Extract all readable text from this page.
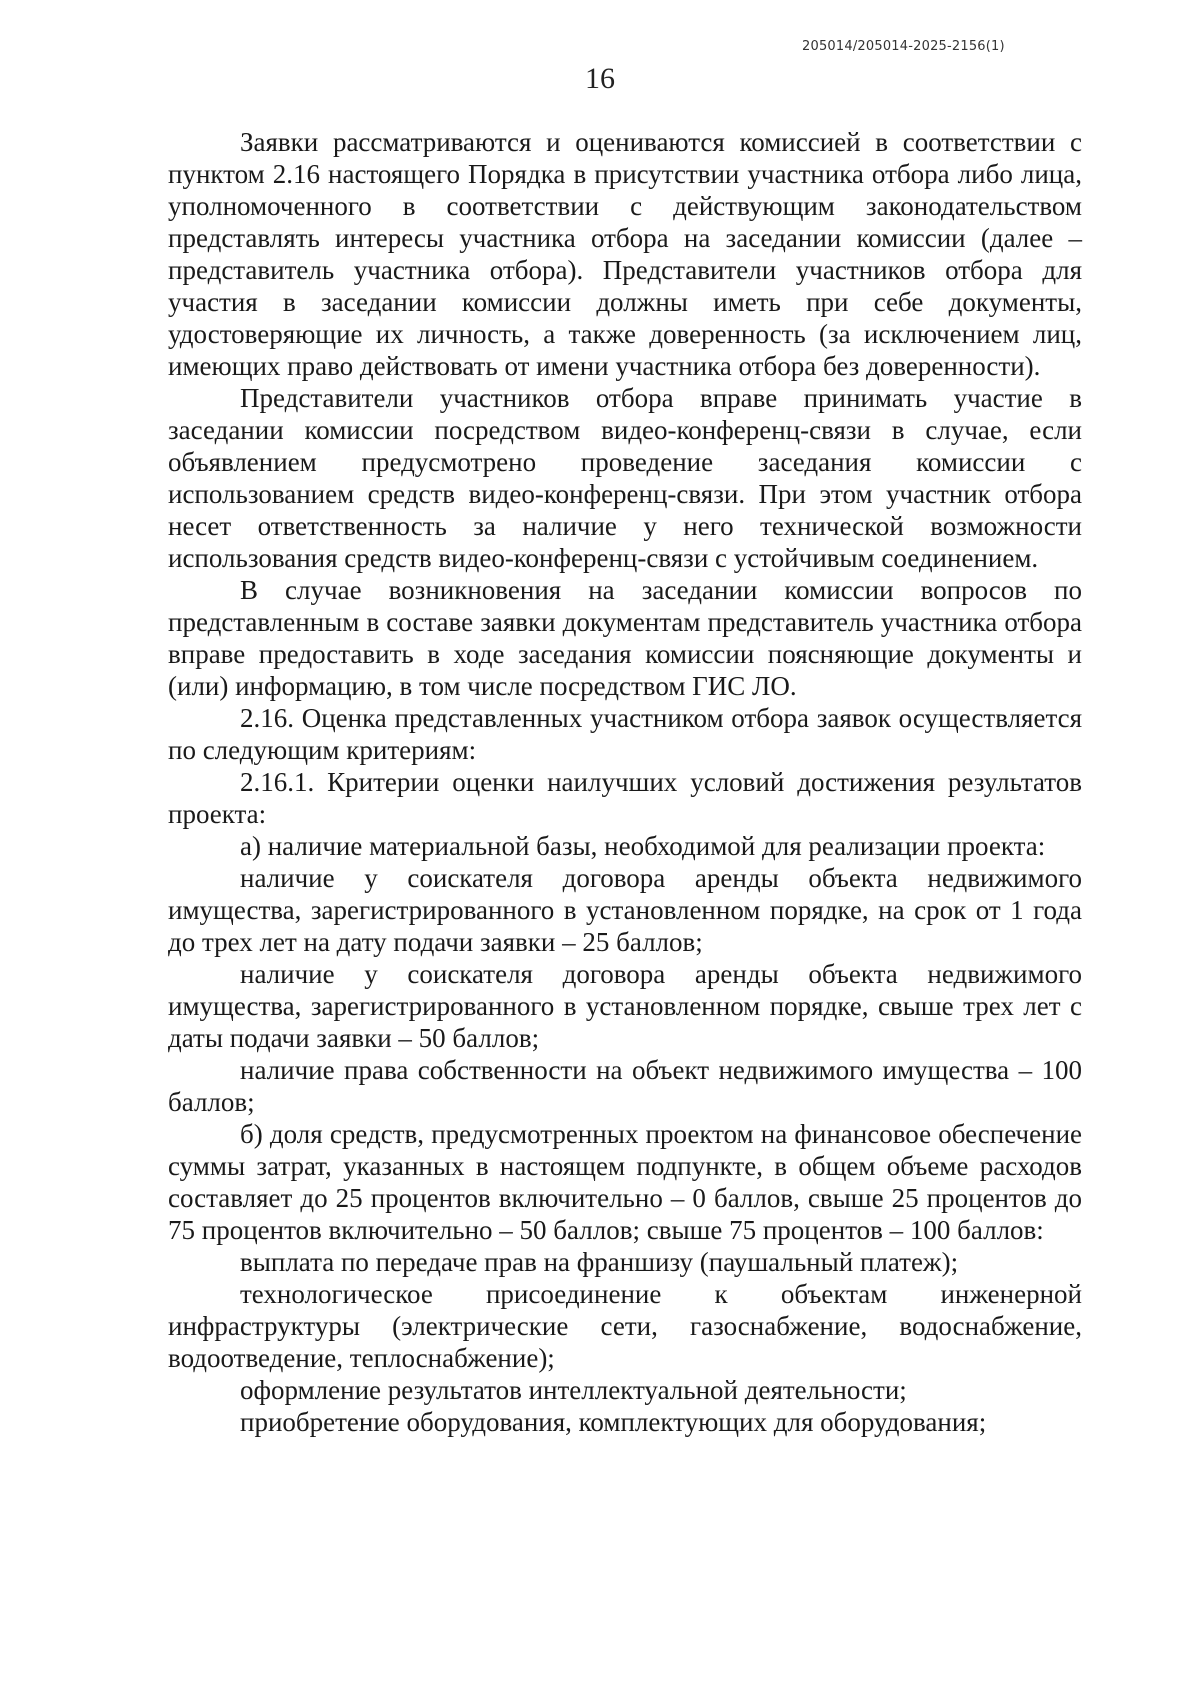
205014/205014-2025-2156(1)
16

Заявки рассматриваются и оцениваются комиссией в соответствии с пунктом 2.16 настоящего Порядка в присутствии участника отбора либо лица, уполномоченного в соответствии с действующим законодательством представлять интересы участника отбора на заседании комиссии (далее – представитель участника отбора). Представители участников отбора для участия в заседании комиссии должны иметь при себе документы, удостоверяющие их личность, а также доверенность (за исключением лиц, имеющих право действовать от имени участника отбора без доверенности).

Представители участников отбора вправе принимать участие в заседании комиссии посредством видео-конференц-связи в случае, если объявлением предусмотрено проведение заседания комиссии с использованием средств видео-конференц-связи. При этом участник отбора несет ответственность за наличие у него технической возможности использования средств видео-конференц-связи с устойчивым соединением.

В случае возникновения на заседании комиссии вопросов по представленным в составе заявки документам представитель участника отбора вправе предоставить в ходе заседания комиссии поясняющие документы и (или) информацию, в том числе посредством ГИС ЛО.

2.16. Оценка представленных участником отбора заявок осуществляется по следующим критериям:

2.16.1. Критерии оценки наилучших условий достижения результатов проекта:

а) наличие материальной базы, необходимой для реализации проекта:

наличие у соискателя договора аренды объекта недвижимого имущества, зарегистрированного в установленном порядке, на срок от 1 года до трех лет на дату подачи заявки – 25 баллов;

наличие у соискателя договора аренды объекта недвижимого имущества, зарегистрированного в установленном порядке, свыше трех лет с даты подачи заявки – 50 баллов;

наличие права собственности на объект недвижимого имущества – 100 баллов;

б) доля средств, предусмотренных проектом на финансовое обеспечение суммы затрат, указанных в настоящем подпункте, в общем объеме расходов составляет до 25 процентов включительно – 0 баллов, свыше 25 процентов до 75 процентов включительно – 50 баллов; свыше 75 процентов – 100 баллов:

выплата по передаче прав на франшизу (паушальный платеж);

технологическое присоединение к объектам инженерной инфраструктуры (электрические сети, газоснабжение, водоснабжение, водоотведение, теплоснабжение);

оформление результатов интеллектуальной деятельности;

приобретение оборудования, комплектующих для оборудования;
